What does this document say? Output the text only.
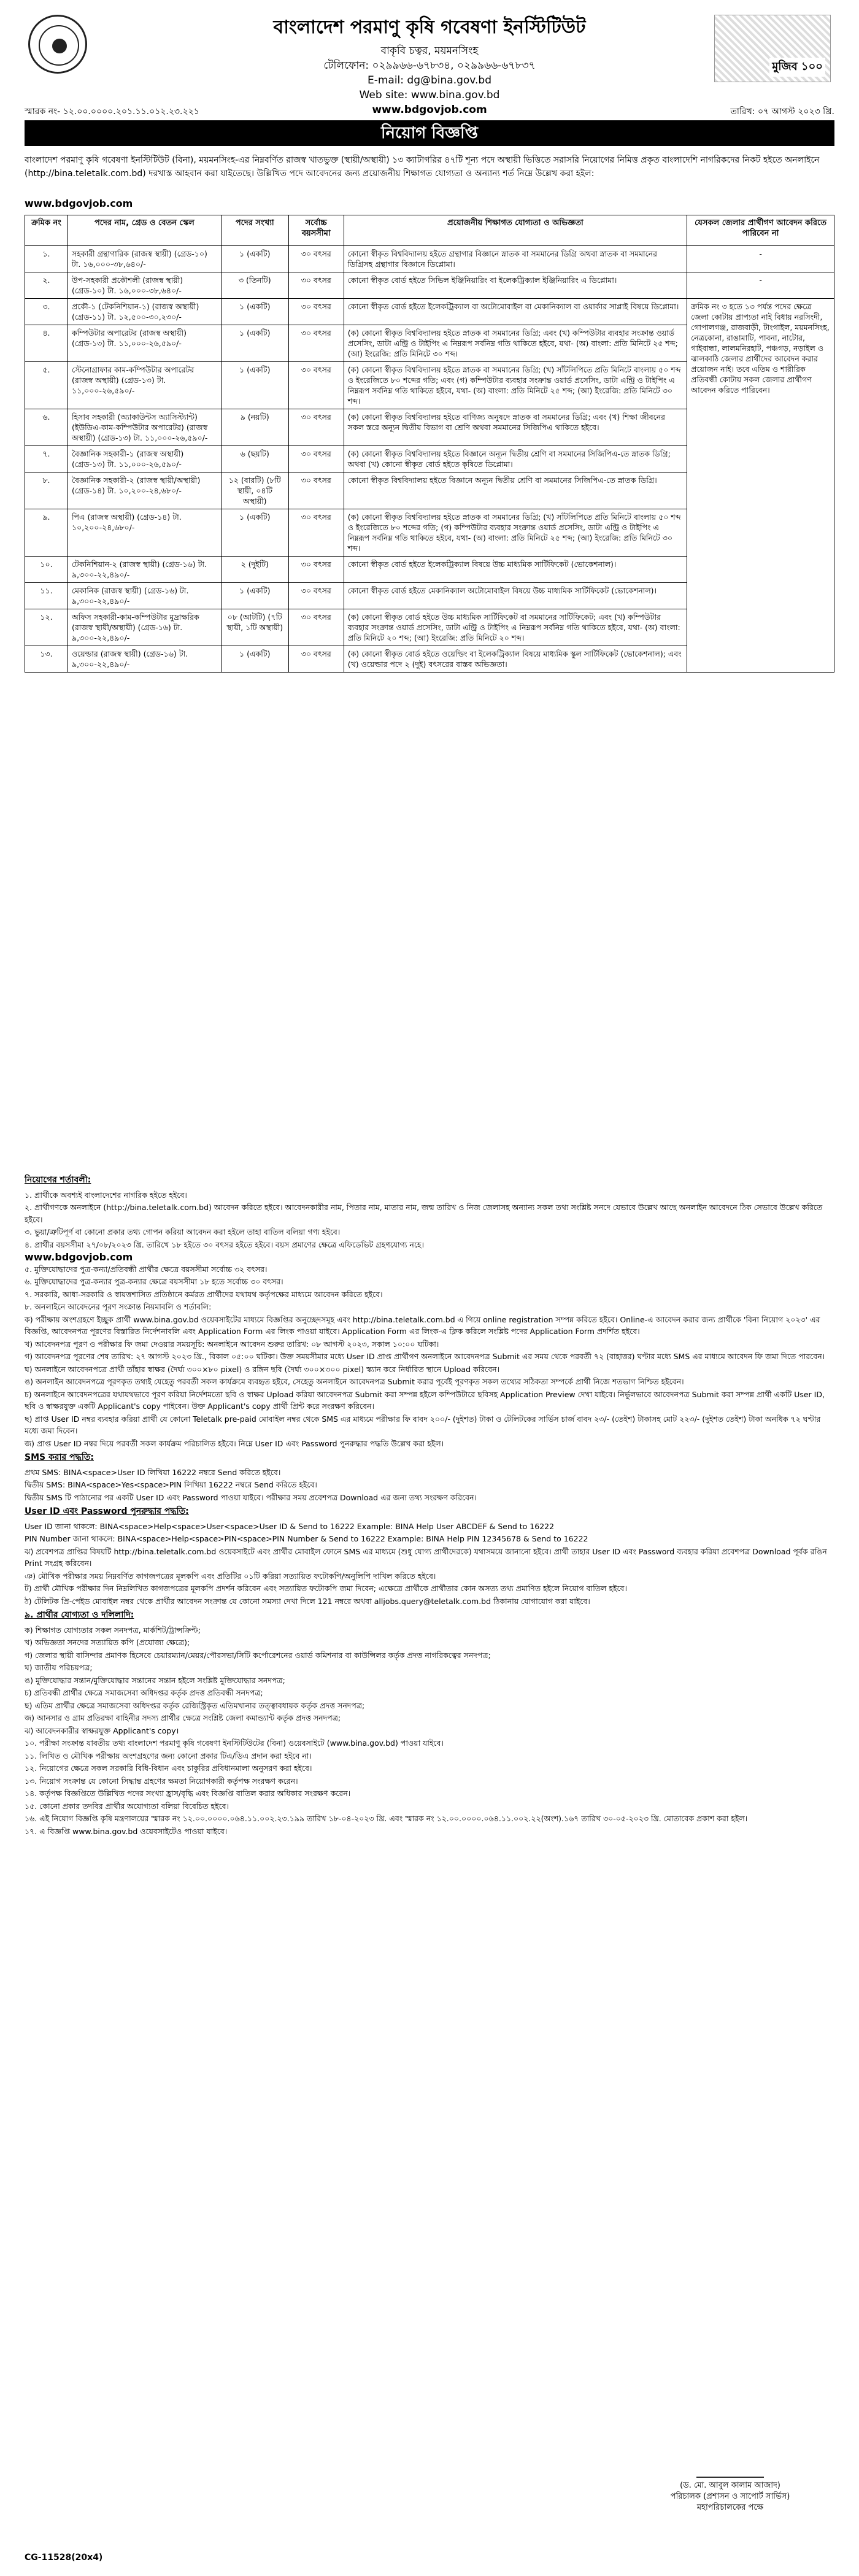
বাংলাদেশ পরমাণু কৃষি গবেষণা ইনস্টিটিউট
বাকৃবি চত্বর, ময়মনসিংহ
টেলিফোন: ০২৯৯৬৬-৬৭৮৩৪, ০২৯৯৬৬-৬৭৮৩৭
E-mail: dg@bina.gov.bd
Web site: www.bina.gov.bd
www.bdgovjob.com
মুজিব ১০০
স্মারক নং- ১২.০০.০০০০.২০১.১১.০১২.২৩.২২১	তারিখ: ০৭ আগস্ট ২০২৩ খ্রি.
নিয়োগ বিজ্ঞপ্তি
বাংলাদেশ পরমাণু কৃষি গবেষণা ইনস্টিটিউট (বিনা), ময়মনসিংহ-এর নিম্নবর্ণিত রাজস্ব খাতভুক্ত (স্থায়ী/অস্থায়ী) ১৩ ক্যাটাগরির ৪৭টি শূন্য পদে অস্থায়ী ভিত্তিতে সরাসরি নিয়োগের নিমিত্ত প্রকৃত বাংলাদেশি নাগরিকদের নিকট হইতে অনলাইনে (http://bina.teletalk.com.bd) দরখাস্ত আহবান করা যাইতেছে। উল্লিখিত পদে আবেদনের জন্য প্রয়োজনীয় শিক্ষাগত যোগ্যতা ও অন্যান্য শর্ত নিম্নে উল্লেখ করা হইল:
www.bdgovjob.com
ক্রমিক নং	পদের নাম, গ্রেড ও বেতন স্কেল	পদের সংখ্যা	সর্বোচ্চ বয়সসীমা	প্রয়োজনীয় শিক্ষাগত যোগ্যতা ও অভিজ্ঞতা	যেসকল জেলার প্রার্থীগণ আবেদন করিতে পারিবেন না
১.	সহকারী গ্রন্থাগারিক (রাজস্ব স্থায়ী) (গ্রেড-১০) টা. ১৬,০০০-৩৮,৬৪০/-	১ (একটি)	৩০ বৎসর	কোনো স্বীকৃত বিশ্ববিদ্যালয় হইতে গ্রন্থাগার বিজ্ঞানে স্নাতক বা সমমানের ডিগ্রি অথবা স্নাতক বা সমমানের ডিগ্রিসহ গ্রন্থাগার বিজ্ঞানে ডিপ্লোমা।	-
২.	উপ-সহকারী প্রকৌশলী (রাজস্ব স্থায়ী) (গ্রেড-১০) টা. ১৬,০০০-৩৮,৬৪০/-	৩ (তিনটি)	৩০ বৎসর	কোনো স্বীকৃত বোর্ড হইতে সিভিল ইঞ্জিনিয়ারিং বা ইলেকট্রিক্যাল ইঞ্জিনিয়ারিং এ ডিপ্লোমা।	-
৩.	প্রকৌ-১ (টেকনিশিয়ান-১) (রাজস্ব অস্থায়ী) (গ্রেড-১১) টা. ১২,৫০০-৩০,২৩০/-	১ (একটি)	৩০ বৎসর	কোনো স্বীকৃত বোর্ড হইতে ইলেকট্রিক্যাল বা অটোমোবাইল বা মেকানিক্যাল বা ওয়ার্কার সাপ্লাই বিষয়ে ডিপ্লোমা।	ক্রমিক নং ৩ হতে ১৩ পর্যন্ত পদের ক্ষেত্রে জেলা কোটায় প্রাপ্যতা নাই বিধায় নরসিংদী, গোপালগঞ্জ, রাজবাড়ী, টাংগাইল, ময়মনসিংহ, নেত্রকোনা, রাঙামাটি, পাবনা, নাটোর, গাইবান্ধা, লালমনিরহাট, পঞ্চগড়, নড়াইল ও ঝালকাঠি জেলার প্রার্থীদের আবেদন করার প্রয়োজন নাই। তবে এতিম ও শারীরিক প্রতিবন্ধী কোটায় সকল জেলার প্রার্থীগণ আবেদন করিতে পারিবেন।
৪.	কম্পিউটার অপারেটর (রাজস্ব অস্থায়ী) (গ্রেড-১৩) টা. ১১,০০০-২৬,৫৯০/-	১ (একটি)	৩০ বৎসর	(ক) কোনো স্বীকৃত বিশ্ববিদ্যালয় হইতে স্নাতক বা সমমানের ডিগ্রি; এবং (খ) কম্পিউটার ব্যবহার সংক্রান্ত ওয়ার্ড প্রসেসিং, ডাটা এন্ট্রি ও টাইপিং এ নিম্নরূপ সর্বনিম্ন গতি থাকিতে হইবে, যথা- (অ) বাংলা: প্রতি মিনিটে ২৫ শব্দ; (আ) ইংরেজি: প্রতি মিনিটে ৩০ শব্দ।	
৫.	স্টেনোগ্রাফার কাম-কম্পিউটার অপারেটর (রাজস্ব অস্থায়ী) (গ্রেড-১৩) টা. ১১,০০০-২৬,৫৯০/-	১ (একটি)	৩০ বৎসর	(ক) কোনো স্বীকৃত বিশ্ববিদ্যালয় হইতে স্নাতক বা সমমানের ডিগ্রি; (খ) সাঁটলিপিতে প্রতি মিনিটে বাংলায় ৫০ শব্দ ও ইংরেজিতে ৮০ শব্দের গতি; এবং (গ) কম্পিউটার ব্যবহার সংক্রান্ত ওয়ার্ড প্রসেসিং, ডাটা এন্ট্রি ও টাইপিং এ নিম্নরূপ সর্বনিম্ন গতি থাকিতে হইবে, যথা- (অ) বাংলা: প্রতি মিনিটে ২৫ শব্দ; (আ) ইংরেজি: প্রতি মিনিটে ৩০ শব্দ।	
৬.	হিসাব সহকারী (অ্যাকাউন্টস অ্যাসিস্ট্যান্ট) (ইউডিএ-কাম-কম্পিউটার অপারেটর) (রাজস্ব অস্থায়ী) (গ্রেড-১৩) টা. ১১,০০০-২৬,৫৯০/-	৯ (নয়টি)	৩০ বৎসর	(ক) কোনো স্বীকৃত বিশ্ববিদ্যালয় হইতে বাণিজ্য অনুষদে স্নাতক বা সমমানের ডিগ্রি; এবং (খ) শিক্ষা জীবনের সকল স্তরে অন্যূন দ্বিতীয় বিভাগ বা শ্রেণি অথবা সমমানের সিজিপিএ থাকিতে হইবে।	
৭.	বৈজ্ঞানিক সহকারী-১ (রাজস্ব অস্থায়ী) (গ্রেড-১৩) টা. ১১,০০০-২৬,৫৯০/-	৬ (ছয়টি)	৩০ বৎসর	(ক) কোনো স্বীকৃত বিশ্ববিদ্যালয় হইতে বিজ্ঞানে অন্যূন দ্বিতীয় শ্রেণি বা সমমানের সিজিপিএ-তে স্নাতক ডিগ্রি; অথবা (খ) কোনো স্বীকৃত বোর্ড হইতে কৃষিতে ডিপ্লোমা।	
৮.	বৈজ্ঞানিক সহকারী-২ (রাজস্ব স্থায়ী/অস্থায়ী) (গ্রেড-১৪) টা. ১০,২০০-২৪,৬৮০/-	১২ (বারটি) (৮টি স্থায়ী, ০৪টি অস্থায়ী)	৩০ বৎসর	কোনো স্বীকৃত বিশ্ববিদ্যালয় হইতে বিজ্ঞানে অন্যূন দ্বিতীয় শ্রেণি বা সমমানের সিজিপিএ-তে স্নাতক ডিগ্রি।	
৯.	পিএ (রাজস্ব অস্থায়ী) (গ্রেড-১৪) টা. ১০,২০০-২৪,৬৮০/-	১ (একটি)	৩০ বৎসর	(ক) কোনো স্বীকৃত বিশ্ববিদ্যালয় হইতে স্নাতক বা সমমানের ডিগ্রি; (খ) সাঁটলিপিতে প্রতি মিনিটে বাংলায় ৫০ শব্দ ও ইংরেজিতে ৮০ শব্দের গতি; (গ) কম্পিউটার ব্যবহার সংক্রান্ত ওয়ার্ড প্রসেসিং, ডাটা এন্ট্রি ও টাইপিং এ নিম্নরূপ সর্বনিম্ন গতি থাকিতে হইবে, যথা- (অ) বাংলা: প্রতি মিনিটে ২৫ শব্দ; (আ) ইংরেজি: প্রতি মিনিটে ৩০ শব্দ।	
১০.	টেকনিশিয়ান-২ (রাজস্ব স্থায়ী) (গ্রেড-১৬) টা. ৯,৩০০-২২,৪৯০/-	২ (দুইটি)	৩০ বৎসর	কোনো স্বীকৃত বোর্ড হইতে ইলেকট্রিক্যাল বিষয়ে উচ্চ মাধ্যমিক সার্টিফিকেট (ভোকেশনাল)।	
১১.	মেকানিক (রাজস্ব স্থায়ী) (গ্রেড-১৬) টা. ৯,৩০০-২২,৪৯০/-	১ (একটি)	৩০ বৎসর	কোনো স্বীকৃত বোর্ড হইতে মেকানিক্যাল অটোমোবাইল বিষয়ে উচ্চ মাধ্যমিক সার্টিফিকেট (ভোকেশনাল)।	
১২.	অফিস সহকারী-কাম-কম্পিউটার মুদ্রাক্ষরিক (রাজস্ব স্থায়ী/অস্থায়ী) (গ্রেড-১৬) টা. ৯,৩০০-২২,৪৯০/-	০৮ (আটটি) (৭টি স্থায়ী, ১টি অস্থায়ী)	৩০ বৎসর	(ক) কোনো স্বীকৃত বোর্ড হইতে উচ্চ মাধ্যমিক সার্টিফিকেট বা সমমানের সার্টিফিকেট; এবং (খ) কম্পিউটার ব্যবহার সংক্রান্ত ওয়ার্ড প্রসেসিং, ডাটা এন্ট্রি ও টাইপিং এ নিম্নরূপ সর্বনিম্ন গতি থাকিতে হইবে, যথা- (অ) বাংলা: প্রতি মিনিটে ২০ শব্দ; (আ) ইংরেজি: প্রতি মিনিটে ২০ শব্দ।	
১৩.	ওয়েল্ডার (রাজস্ব স্থায়ী) (গ্রেড-১৬) টা. ৯,৩০০-২২,৪৯০/-	১ (একটি)	৩০ বৎসর	(ক) কোনো স্বীকৃত বোর্ড হইতে ওয়েল্ডিং বা ইলেকট্রিক্যাল বিষয়ে মাধ্যমিক স্কুল সার্টিফিকেট (ভোকেশনাল); এবং (খ) ওয়েল্ডার পদে ২ (দুই) বৎসরের বাস্তব অভিজ্ঞতা।	
নিয়োগের শর্তাবলী:

১. প্রার্থীকে অবশ্যই বাংলাদেশের নাগরিক হইতে হইবে।

২. প্রার্থীগণকে অনলাইনে (http://bina.teletalk.com.bd) আবেদন করিতে হইবে। আবেদনকারীর নাম, পিতার নাম, মাতার নাম, জন্ম তারিখ ও নিজ জেলাসহ অন্যান্য সকল তথ্য সংশ্লিষ্ট সনদে যেভাবে উল্লেখ আছে অনলাইন আবেদনে ঠিক সেভাবে উল্লেখ করিতে হইবে।

৩. ভুয়া/ত্রুটিপূর্ণ বা কোনো প্রকার তথ্য গোপন করিয়া আবেদন করা হইলে তাহা বাতিল বলিয়া গণ্য হইবে।

৪. প্রার্থীর বয়সসীমা ২৭/০৮/২০২৩ খ্রি. তারিখে ১৮ হইতে ৩০ বৎসর হইতে হইবে। বয়স প্রমাণের ক্ষেত্রে এফিডেভিট গ্রহণযোগ্য নহে।

www.bdgovjob.com

৫. মুক্তিযোদ্ধাদের পুত্র-কন্যা/প্রতিবন্ধী প্রার্থীর ক্ষেত্রে বয়সসীমা সর্বোচ্চ ৩২ বৎসর।

৬. মুক্তিযোদ্ধাদের পুত্র-কন্যার পুত্র-কন্যার ক্ষেত্রে বয়সসীমা ১৮ হতে সর্বোচ্চ ৩০ বৎসর।

৭. সরকারি, আধা-সরকারি ও স্বায়ত্তশাসিত প্রতিষ্ঠানে কর্মরত প্রার্থীদের যথাযথ কর্তৃপক্ষের মাধ্যমে আবেদন করিতে হইবে।

৮. অনলাইনে আবেদনের পূরণ সংক্রান্ত নিয়মাবলি ও শর্তাবলি:

ক) পরীক্ষায় অংশগ্রহণে ইচ্ছুক প্রার্থী www.bina.gov.bd ওয়েবসাইটের মাধ্যমে বিজ্ঞপ্তির অনুচ্ছেদসমূহ এবং http://bina.teletalk.com.bd এ গিয়ে online registration সম্পন্ন করিতে হইবে। Online-এ আবেদন করার জন্য প্রার্থীকে 'বিনা নিয়োগ ২০২৩' এর বিজ্ঞপ্তি, আবেদনপত্র পূরণের বিস্তারিত নির্দেশনাবলি এবং Application Form এর লিংক পাওয়া যাইবে। Application Form এর লিংক-এ ক্লিক করিলে সংশ্লিষ্ট পদের Application Form প্রদর্শিত হইবে।

খ) আবেদনপত্র পূরণ ও পরীক্ষার ফি জমা দেওয়ার সময়সূচি: অনলাইনে আবেদন শুরুর তারিখ: ০৮ আগস্ট ২০২৩, সকাল ১০:০০ ঘটিকা।

গ) আবেদনপত্র পূরণের শেষ তারিখ: ২৭ আগস্ট ২০২৩ খ্রি., বিকাল ০৫:০০ ঘটিকা। উক্ত সময়সীমার মধ্যে User ID প্রাপ্ত প্রার্থীগণ অনলাইনে আবেদনপত্র Submit এর সময় থেকে পরবর্তী ৭২ (বাহাত্তর) ঘণ্টার মধ্যে SMS এর মাধ্যমে আবেদন ফি জমা দিতে পারবেন।

ঘ) অনলাইনে আবেদনপত্রে প্রার্থী তাঁহার স্বাক্ষর (দৈর্ঘ্য ৩০০×৮০ pixel) ও রঙ্গিন ছবি (দৈর্ঘ্য ৩০০×৩০০ pixel) স্ক্যান করে নির্ধারিত স্থানে Upload করিবেন।

ঙ) অনলাইন আবেদনপত্রে পূরণকৃত তথ্যই যেহেতু পরবর্তী সকল কার্যক্রমে ব্যবহৃত হইবে, সেহেতু অনলাইনে আবেদনপত্র Submit করার পূর্বেই পূরণকৃত সকল তথ্যের সঠিকতা সম্পর্কে প্রার্থী নিজে শতভাগ নিশ্চিত হইবেন।

চ) অনলাইনে আবেদনপত্রের যথাযথভাবে পূরণ করিয়া নির্দেশমতো ছবি ও স্বাক্ষর Upload করিয়া আবেদনপত্র Submit করা সম্পন্ন হইলে কম্পিউটারে ছবিসহ Application Preview দেখা যাইবে। নির্ভুলভাবে আবেদনপত্র Submit করা সম্পন্ন প্রার্থী একটি User ID, ছবি ও স্বাক্ষরযুক্ত একটি Applicant's copy পাইবেন। উক্ত Applicant's copy প্রার্থী প্রিন্ট করে সংরক্ষণ করিবেন।

ছ) প্রাপ্ত User ID নম্বর ব্যবহার করিয়া প্রার্থী যে কোনো Teletalk pre-paid মোবাইল নম্বর থেকে SMS এর মাধ্যমে পরীক্ষার ফি বাবদ ২০০/- (দুইশত) টাকা ও টেলিটকের সার্ভিস চার্জ বাবদ ২৩/- (তেইশ) টাকাসহ মোট ২২৩/- (দুইশত তেইশ) টাকা অনধিক ৭২ ঘণ্টার মধ্যে জমা দিবেন।

জ) প্রাপ্ত User ID নম্বর দিয়ে পরবর্তী সকল কার্যক্রম পরিচালিত হইবে। নিম্নে User ID এবং Password পুনরুদ্ধার পদ্ধতি উল্লেখ করা হইল।

SMS করার পদ্ধতি:

প্রথম SMS: BINA<space>User ID লিখিয়া 16222 নম্বরে Send করিতে হইবে।

দ্বিতীয় SMS: BINA<space>Yes<space>PIN লিখিয়া 16222 নম্বরে Send করিতে হইবে।

দ্বিতীয় SMS টি পাঠানোর পর একটি User ID এবং Password পাওয়া যাইবে। পরীক্ষার সময় প্রবেশপত্র Download এর জন্য তথ্য সংরক্ষণ করিবেন।

User ID এবং Password পুনরুদ্ধার পদ্ধতি:

User ID জানা থাকলে: BINA<space>Help<space>User<space>User ID & Send to 16222 Example: BINA Help User ABCDEF & Send to 16222

PIN Number জানা থাকলে: BINA<space>Help<space>PIN<space>PIN Number & Send to 16222 Example: BINA Help PIN 12345678 & Send to 16222

ঝ) প্রবেশপত্র প্রাপ্তির বিষয়টি http://bina.teletalk.com.bd ওয়েবসাইটে এবং প্রার্থীর মোবাইল ফোনে SMS এর মাধ্যমে (শুধু যোগ্য প্রার্থীদেরকে) যথাসময়ে জানানো হইবে। প্রার্থী তাহার User ID এবং Password ব্যবহার করিয়া প্রবেশপত্র Download পূর্বক রঙিন Print সংগ্রহ করিবেন।

ঞ) মৌখিক পরীক্ষার সময় নিম্নবর্ণিত কাগজপত্রের মূলকপি এবং প্রতিটির ০১টি করিয়া সত্যায়িত ফটোকপি/অনুলিপি দাখিল করিতে হইবে।

ট) প্রার্থী মৌখিক পরীক্ষার দিন নিম্নলিখিত কাগজপত্রের মূলকপি প্রদর্শন করিবেন এবং সত্যায়িত ফটোকপি জমা দিবেন; এক্ষেত্রে প্রার্থীকে প্রার্থীতার কোন অসত্য তথ্য প্রমাণিত হইলে নিয়োগ বাতিল হইবে।

ঠ) টেলিটক প্রি-পেইড মোবাইল নম্বর থেকে প্রার্থীর আবেদন সংক্রান্ত যে কোনো সমস্যা দেখা দিলে 121 নম্বরে অথবা alljobs.query@teletalk.com.bd ঠিকানায় যোগাযোগ করা যাইবে।

৯. প্রার্থীর যোগ্যতা ও দলিলাদি:

ক) শিক্ষাগত যোগ্যতার সকল সনদপত্র, মার্কশিট/ট্রান্সক্রিপ্ট;

খ) অভিজ্ঞতা সনদের সত্যায়িত কপি (প্রযোজ্য ক্ষেত্রে);

গ) জেলার স্থায়ী বাসিন্দার প্রমাণক হিসেবে চেয়ারম্যান/মেয়র/পৌরসভা/সিটি কর্পোরেশনের ওয়ার্ড কমিশনার বা কাউন্সিলর কর্তৃক প্রদত্ত নাগরিকত্বের সনদপত্র;

ঘ) জাতীয় পরিচয়পত্র;

ঙ) মুক্তিযোদ্ধার সন্তান/মুক্তিযোদ্ধার সন্তানের সন্তান হইলে সংশ্লিষ্ট মুক্তিযোদ্ধার সনদপত্র;

চ) প্রতিবন্ধী প্রার্থীর ক্ষেত্রে সমাজসেবা অধিদপ্তর কর্তৃক প্রদত্ত প্রতিবন্ধী সনদপত্র;

ছ) এতিম প্রার্থীর ক্ষেত্রে সমাজসেবা অধিদপ্তর কর্তৃক রেজিস্ট্রিকৃত এতিমখানার তত্ত্বাবধায়ক কর্তৃক প্রদত্ত সনদপত্র;

জ) আনসার ও গ্রাম প্রতিরক্ষা বাহিনীর সদস্য প্রার্থীর ক্ষেত্রে সংশ্লিষ্ট জেলা কমান্ড্যান্ট কর্তৃক প্রদত্ত সনদপত্র;

ঝ) আবেদনকারীর স্বাক্ষরযুক্ত Applicant's copy।

১০. পরীক্ষা সংক্রান্ত যাবতীয় তথ্য বাংলাদেশ পরমাণু কৃষি গবেষণা ইনস্টিটিউটের (বিনা) ওয়েবসাইটে (www.bina.gov.bd) পাওয়া যাইবে।

১১. লিখিত ও মৌখিক পরীক্ষায় অংশগ্রহণের জন্য কোনো প্রকার টিএ/ডিএ প্রদান করা হইবে না।

১২. নিয়োগের ক্ষেত্রে সকল সরকারি বিধি-বিধান এবং চাকুরির প্রবিধানমালা অনুসরণ করা হইবে।

১৩. নিয়োগ সংক্রান্ত যে কোনো সিদ্ধান্ত গ্রহণের ক্ষমতা নিয়োগকারী কর্তৃপক্ষ সংরক্ষণ করেন।

১৪. কর্তৃপক্ষ বিজ্ঞপ্তিতে উল্লিখিত পদের সংখ্যা হ্রাস/বৃদ্ধি এবং বিজ্ঞপ্তি বাতিল করার অধিকার সংরক্ষণ করেন।

১৫. কোনো প্রকার তদবির প্রার্থীর অযোগ্যতা বলিয়া বিবেচিত হইবে।

১৬. এই নিয়োগ বিজ্ঞপ্তি কৃষি মন্ত্রণালয়ের স্মারক নং ১২.০০.০০০০.০৬৪.১১.০০২.২৩.১৯৯ তারিখ ১৮-০৪-২০২৩ খ্রি. এবং স্মারক নং ১২.০০.০০০০.০৬৪.১১.০০২.২২(অংশ).১৬৭ তারিখ ৩০-০৫-২০২৩ খ্রি. মোতাবেক প্রকাশ করা হইল।

১৭. এ বিজ্ঞপ্তি www.bina.gov.bd ওয়েবসাইটেও পাওয়া যাইবে।

(ড. মো. আবুল কালাম আজাদ)
পরিচালক (প্রশাসন ও সাপোর্ট সার্ভিস)
মহাপরিচালকের পক্ষে
CG-11528(20x4)
